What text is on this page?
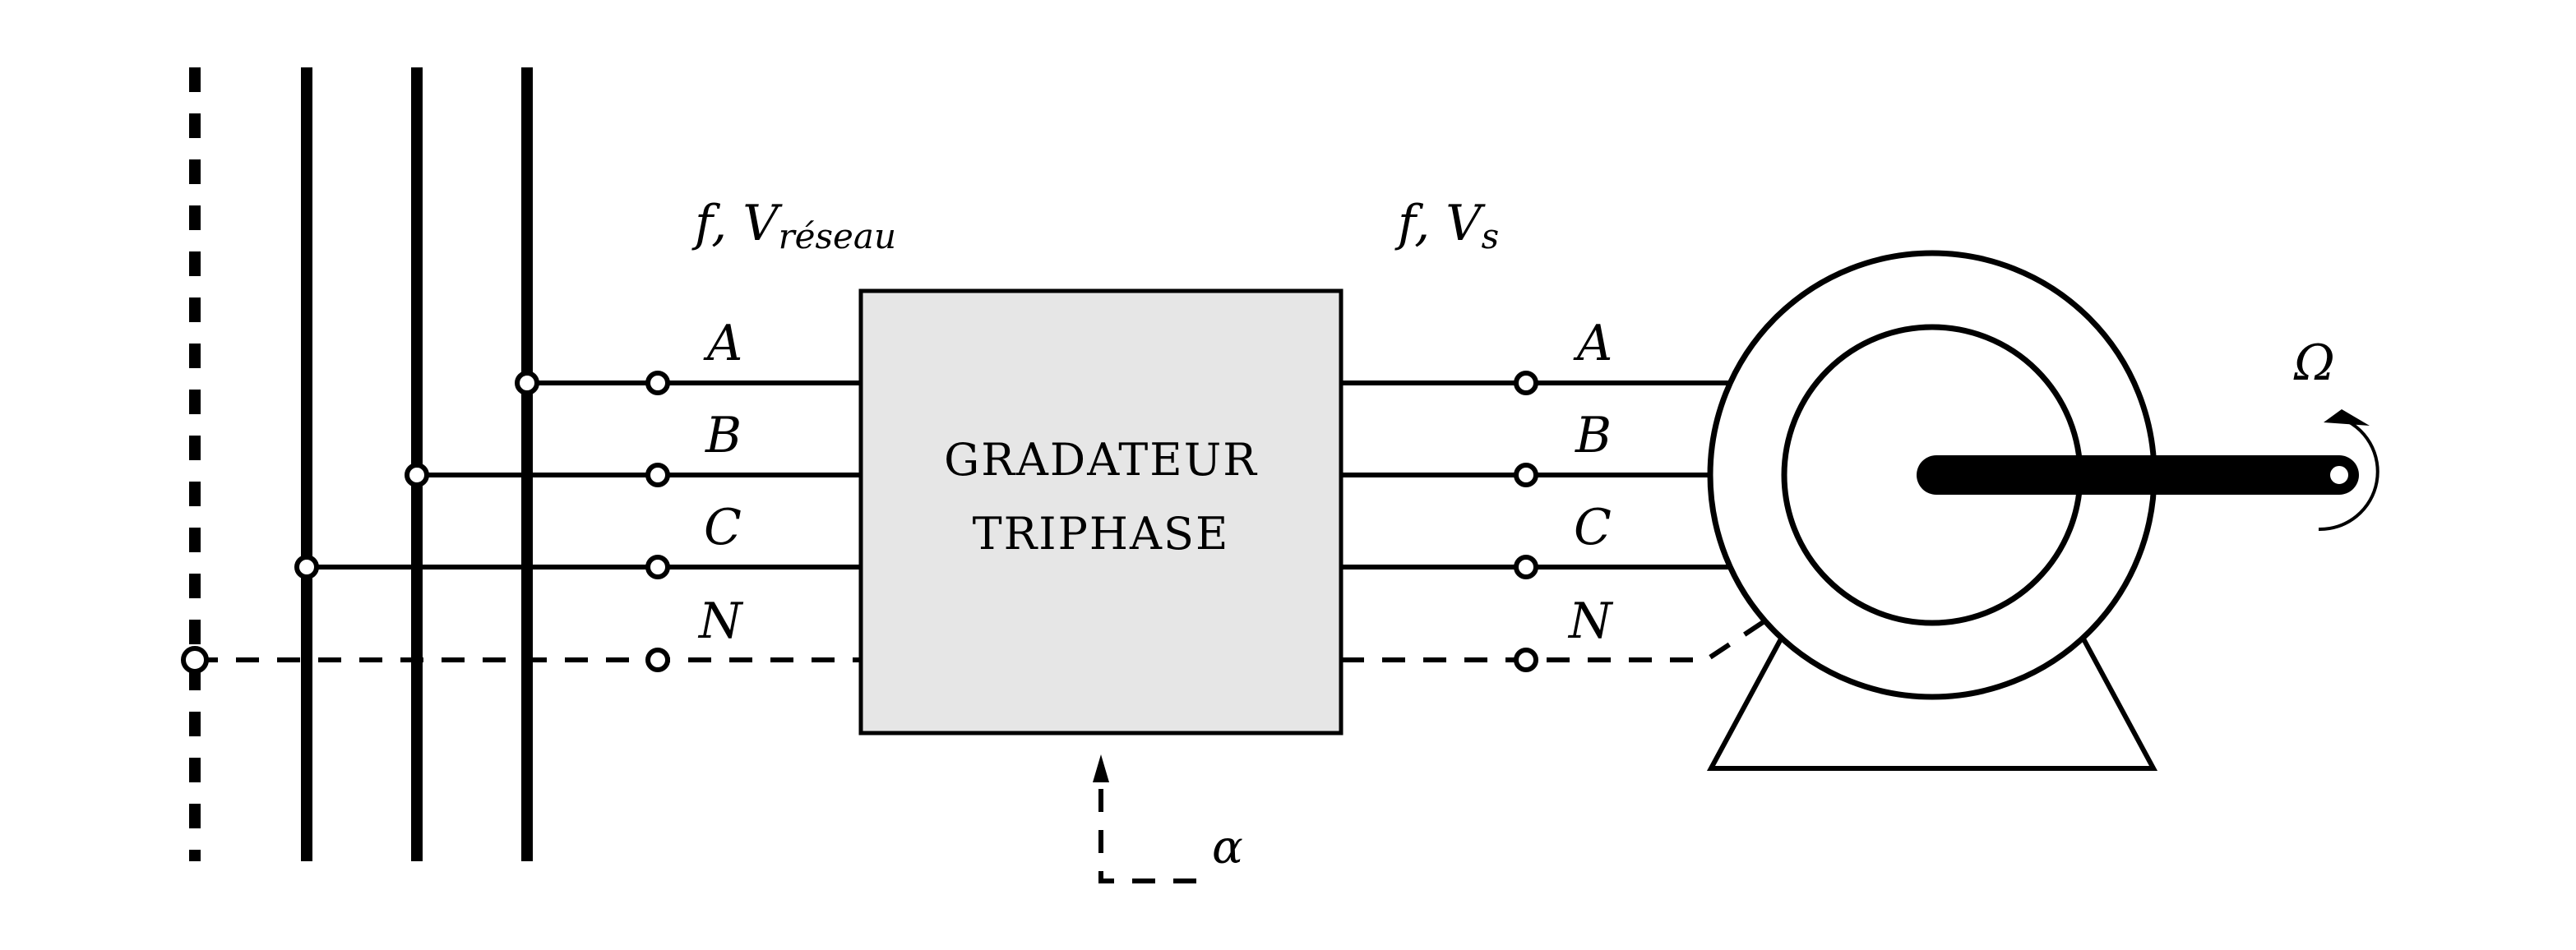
GRADATEUR
TRIPHASE
α
f, Vréseau
A
B
C
N
f, Vs
A
B
C
N
Ω
